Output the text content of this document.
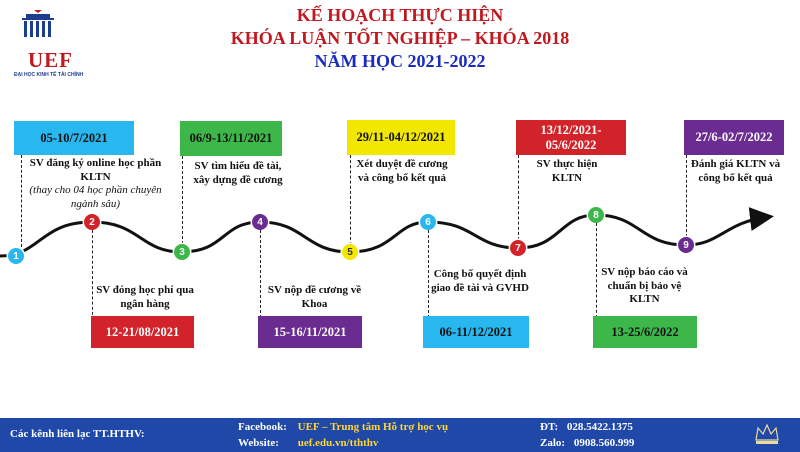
UEF
ĐẠI HỌC KINH TẾ TÀI CHÍNH
KẾ HOẠCH THỰC HIỆN
KHÓA LUẬN TỐT NGHIỆP – KHÓA 2018
NĂM HỌC 2021-2022
05-10/7/2021
SV đăng ký online học phần KLTN
(thay cho 04 học phần chuyên ngành sâu)
1
2
SV đóng học phí qua ngân hàng
12-21/08/2021
06/9-13/11/2021
SV tìm hiểu đề tài, xây dựng đề cương
3
4
SV nộp đề cương về Khoa
15-16/11/2021
29/11-04/12/2021
Xét duyệt đề cương và công bố kết quả
5
6
Công bố quyết định giao đề tài và GVHD
06-11/12/2021
13/12/2021-05/6/2022
SV thực hiện KLTN
7
8
SV nộp báo cáo và chuẩn bị bảo vệ KLTN
13-25/6/2022
27/6-02/7/2022
Đánh giá KLTN và công bố kết quả
9
Các kênh liên lạc TT.HTHV:
Facebook: UEF – Trung tâm Hỗ trợ học vụ
Website: uef.edu.vn/tththv
ĐT: 028.5422.1375
Zalo: 0908.560.999
